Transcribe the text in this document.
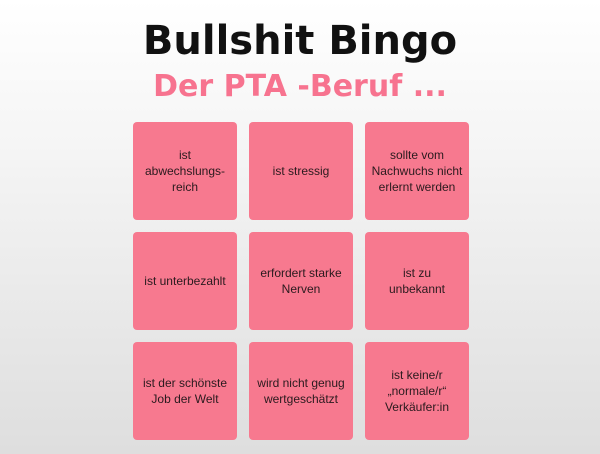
Bullshit Bingo
Der PTA -Beruf ...
ist
abwechslungs-
reich
ist stressig
sollte vom
Nachwuchs nicht
erlernt werden
ist unterbezahlt
erfordert starke
Nerven
ist zu
unbekannt
ist der schönste
Job der Welt
wird nicht genug
wertgeschätzt
ist keine/r
„normale/r“
Verkäufer:in
